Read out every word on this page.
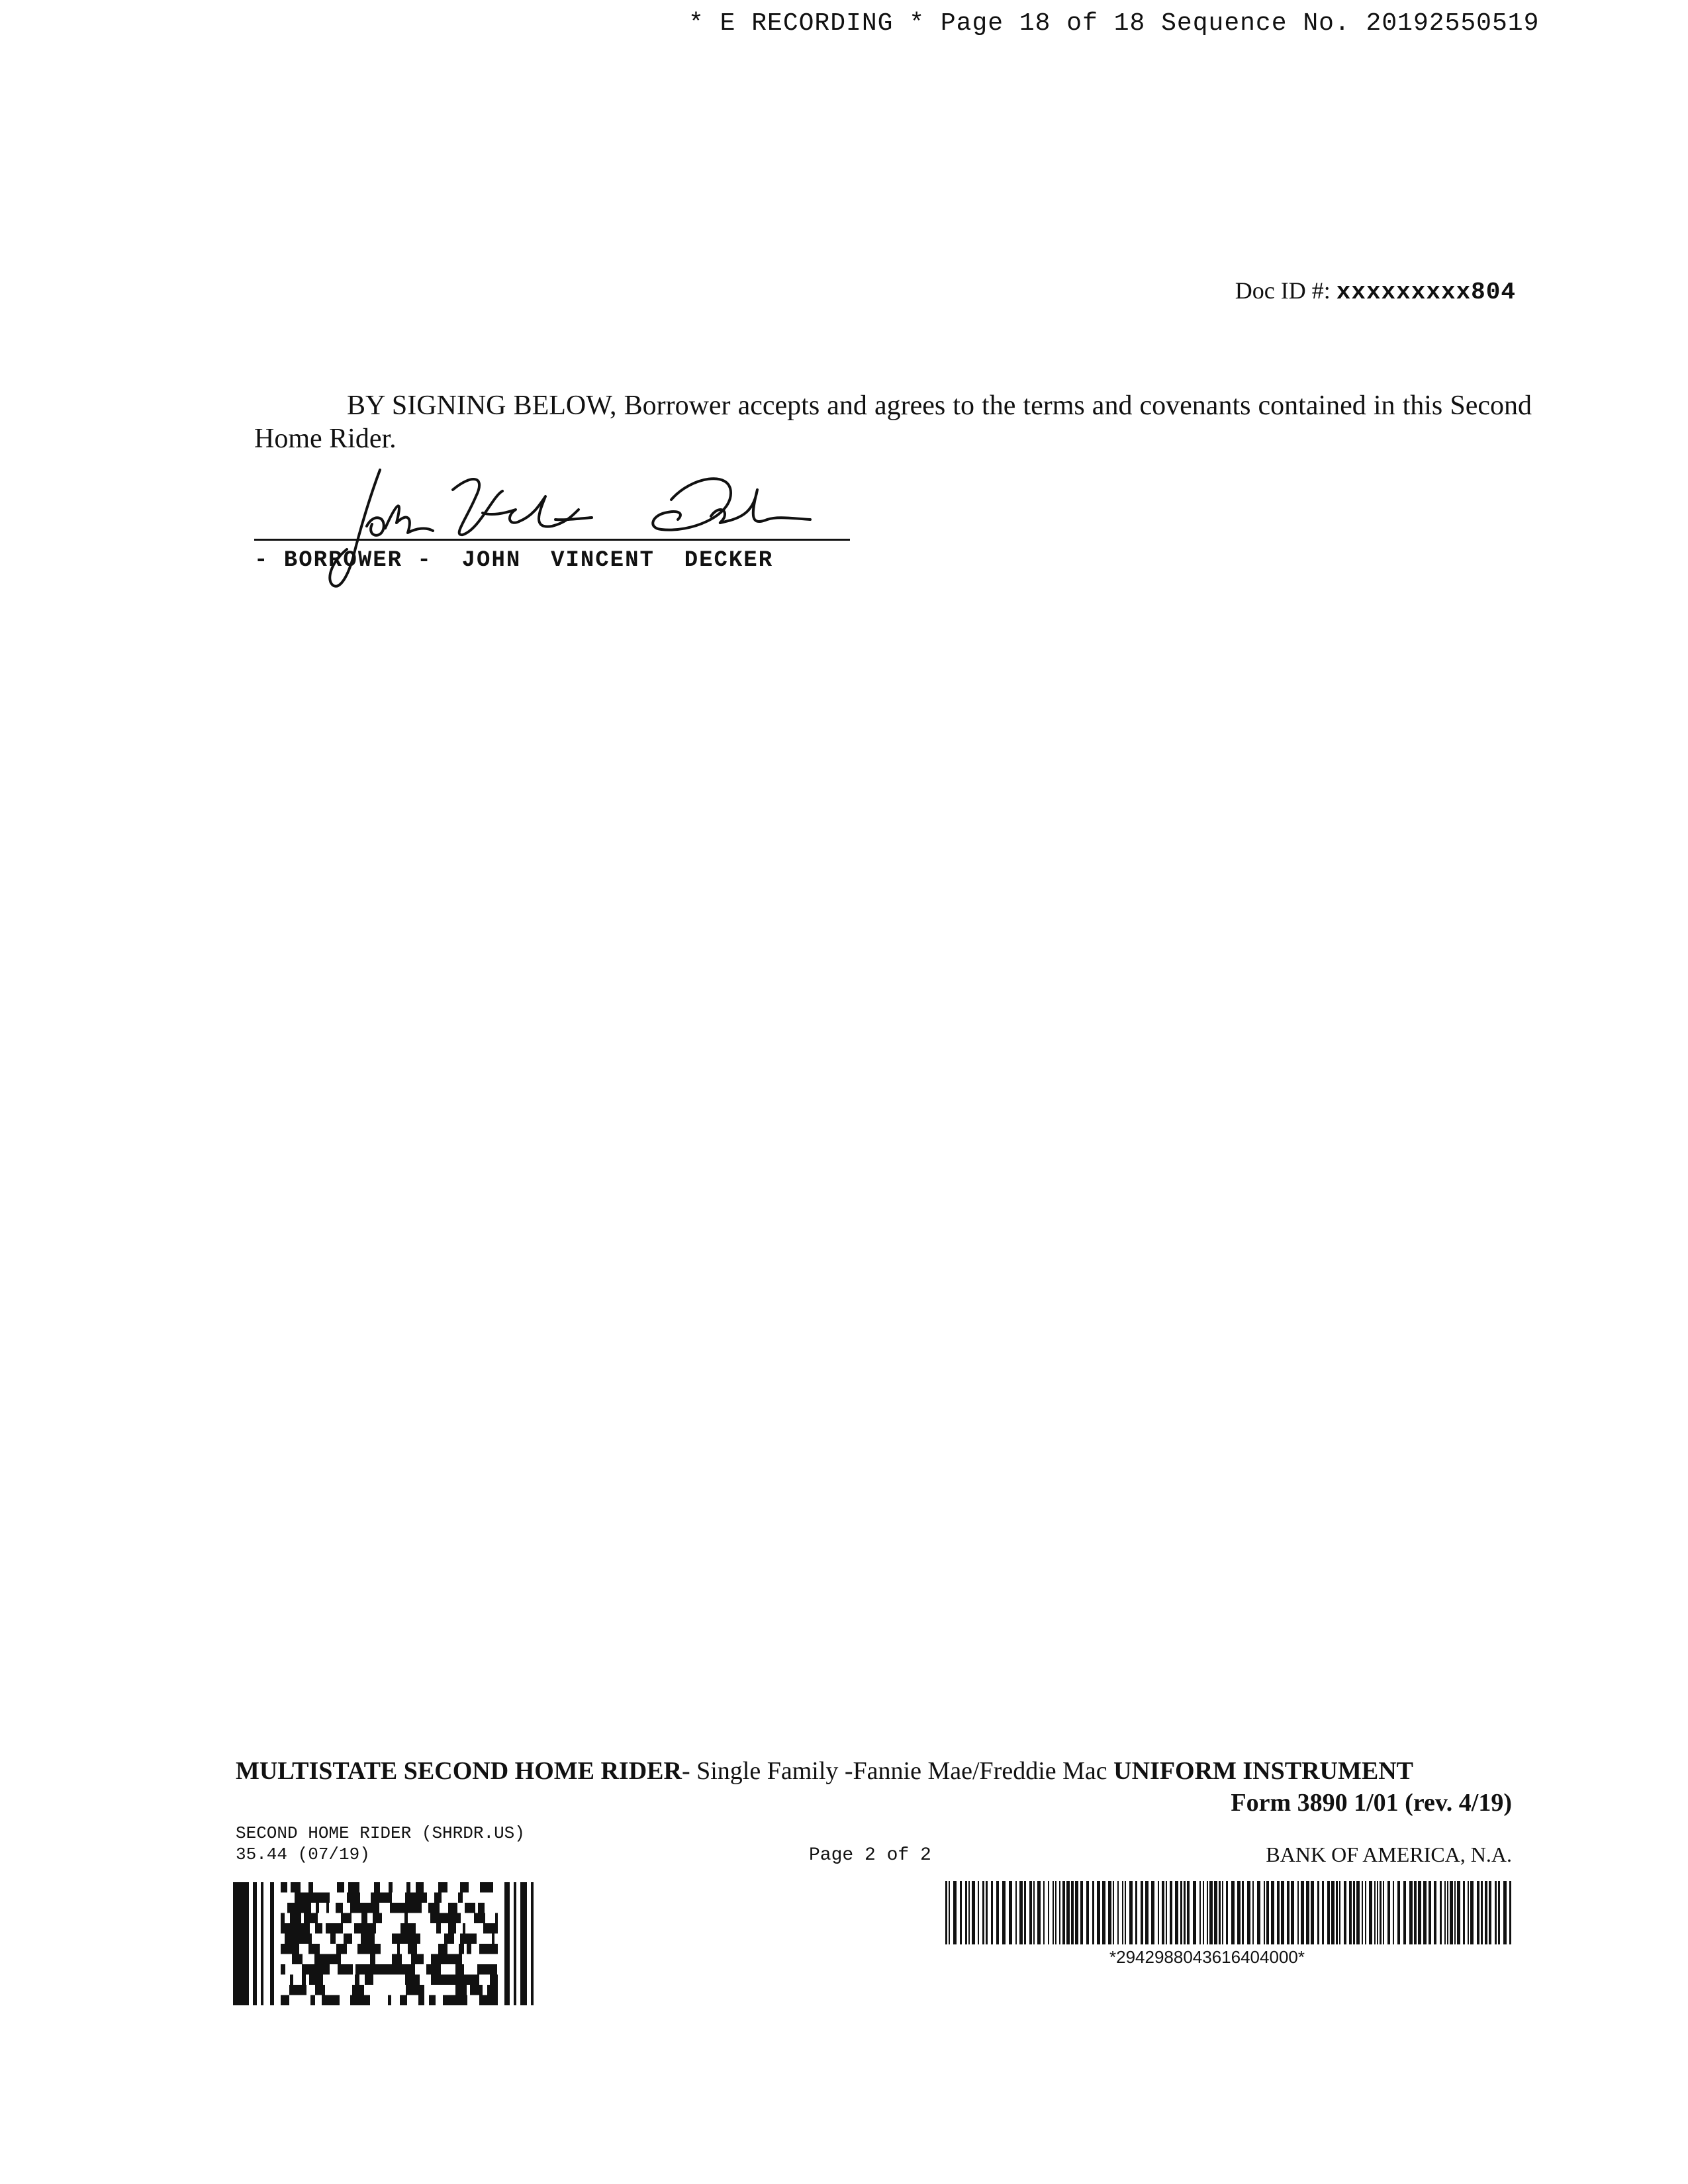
* E RECORDING * Page 18 of 18 Sequence No. 20192550519
Doc ID #: xxxxxxxxx804
BY SIGNING BELOW, Borrower accepts and agrees to the terms and covenants contained in this Second Home Rider.
- BORROWER -  JOHN  VINCENT  DECKER
MULTISTATE SECOND HOME RIDER- Single Family -Fannie Mae/Freddie Mac UNIFORM INSTRUMENT
Form 3890 1/01 (rev. 4/19)
SECOND HOME RIDER (SHRDR.US)
35.44 (07/19)	Page 2 of 2	BANK OF AMERICA, N.A.
*2942988043616404000*
